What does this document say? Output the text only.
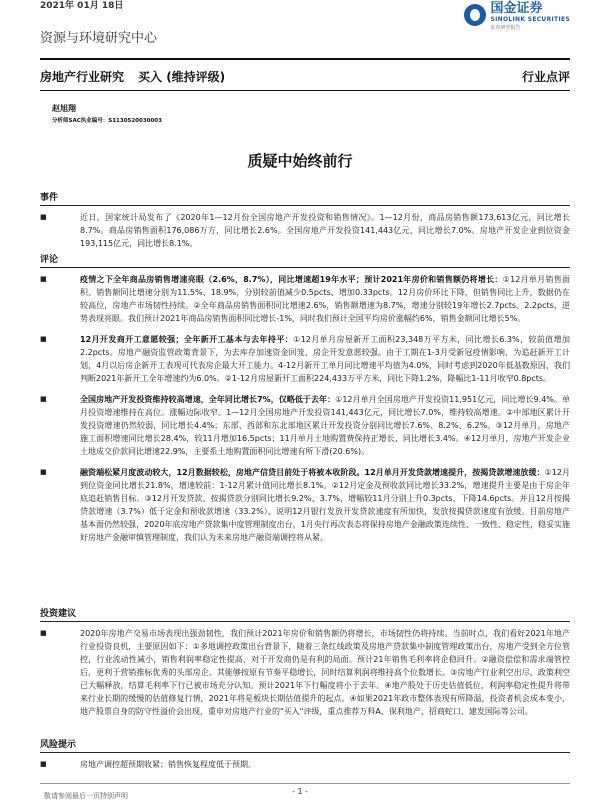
2021年 01月 18日	国金证券
SINOLINK SECURITIES
证券研究报告
资源与环境研究中心
房地产行业研究 买入 (维持评级)	行业点评
赵旭翔
分析师SAC执业编号：S1130520030003
质疑中始终前行
事件
■ 近日，国家统计局发布了《2020年1—12月份全国房地产开发投资和销售情况》。1—12月份，商品房销售额173,613亿元，同比增长8.7%。商品房销售面积176,086万方，同比增长2.6%。全国房地产开发投资141,443亿元，同比增长7.0%。房地产开发企业到位资金193,115亿元，同比增长8.1%。
评论
■ 疫情之下全年商品房销售增速亮眼（2.6%，8.7%），同比增速超19年水平；预计2021年房价和销售额仍将增长：①12月单月销售面积、销售额同比增速分别为11.5%、18.9%，分别较前值减少0.5pcts、增加0.33pcts。12月房价环比下降，但销售同比上升，数据仍在较高位，房地产市场韧性持续。②全年商品房销售面积同比增速2.6%，销售额增速为8.7%，增速分别较19年增长2.7pcts、2.2pcts，逆势表现亮眼。我们预计2021年商品房销售面积同比增长-1%，同时我们预计全国平均房价涨幅约6%，销售金额同比增长5%。
■ 12月开发商开工意愿较强；全年新开工基本与去年持平：①12月单月房屋新开工面积23,348万平方米，同比增长6.3%，较前值增加2.2pcts。房地产融资监管政策背景下，为去库存加速资金回笼，房企开发意愿较强。由于工期在1-3月受新冠疫情影响，为追赶新开工计划，4月以后房企新开工表现可代表房企最大开工能力。4-12月新开工单月同比增速平均值为4.0%，同时考虑到2020年低基数原因，我们判断2021年新开工全年增速约为6.0%。②1-12月房屋新开工面积224,433万平方米，同比下降1.2%，降幅比1-11月收窄0.8pcts。
■ 全国房地产开发投资维持较高增速，全年同比增长7%，仅略低于去年：①12月单月全国房地产开发投资11,951亿元，同比增长9.4%。单月投资增速维持在高位。涨幅边际收窄。1—12月全国房地产开发投资141,443亿元，同比增长7.0%，维持较高增速。②中部地区累计开发投资增速仍然较弱，同比增长4.4%；东部、西部和东北部地区累计开发投资分别同比增长7.6%、8.2%、6.2%。③12月单月，房地产施工面积增速同比增长28.4%，较11月增加16.5pcts；11月单月土地购置费保持正增长，同比增长3.4%。④12月单月，房地产开发企业土地成交价款同比增速22.9%，主要系土地购置面积同比增速有所下滑(20.6%)。
■ 融资端松紧月度波动较大，12月数据较松，房地产信贷目前处于将被本收阶段。12月单月开发贷款增速提升，按揭贷款增速放缓：①12月到位资金同比增长21.8%，增速较前：1-12月累计值同比增长8.1%。②12月定金及预收款同比增长33.2%，增速提升主要是由于房企年底追赶销售目标。③12月开发贷款、按揭贷款分别同比增长9.2%、3.7%，增幅较11月分别上升0.3pcts、下降14.6pcts。并且12月按揭贷款增速（3.7%）低于定金和预收款增速（33.2%），说明12月银行发放开发贷款速度有所加快，发放按揭贷款速度有放缓。目前房地产基本面仍然较强，2020年底房地产贷款集中度管理制度出台，1月央行再次表态将保持房地产金融政策连续性、一致性、稳定性，稳妥实施好房地产金融审慎管理制度，我们认为未来房地产融资端调控将从紧。
投资建议
■ 2020年房地产交易市场表现出强劲韧性，我们预计2021年房价和销售额仍将增长，市场韧性仍将持续。当前时点，我们看好2021年地产行业投资良机，主要原因如下：①多地调控政策出台背景下，随着三条红线政策及房地产贷款集中制度管理政策出台，房地产受到全方位管控，行业流动性减小，销售利润率稳定性提高，对于开发商仍是有利的局面。预计21年销售毛利率将企稳回升。②融资偿偿和需求端管控后，更利于营销推标优秀的头部房企。其能够按原有节奏平稳增长，同时结算利润将维持高个位数增长。③房地产行业利空出尽，政策利空已大幅释放，结算毛利率下行已被市场充分认知。预计2021年下行幅度将小于去年。④地产股处于历史估值低位，利润率稳定性提升将带来行业长期的缓慢的估值修复行情，2021年将是板块长期估值提升的起点。④如果2021年政市整体表现有所降温，投资者机会成本变小，地产股票自身的防守性溢价会出现，重申对房地产行业的"买入"评级，重点推荐万科A、保利地产、招商蛇口、建发国际等公司。
风险提示
■ 房地产调控超预期收紧；销售恢复程度低于预期。
- 1 -
敬请参阅最后一页特别声明
